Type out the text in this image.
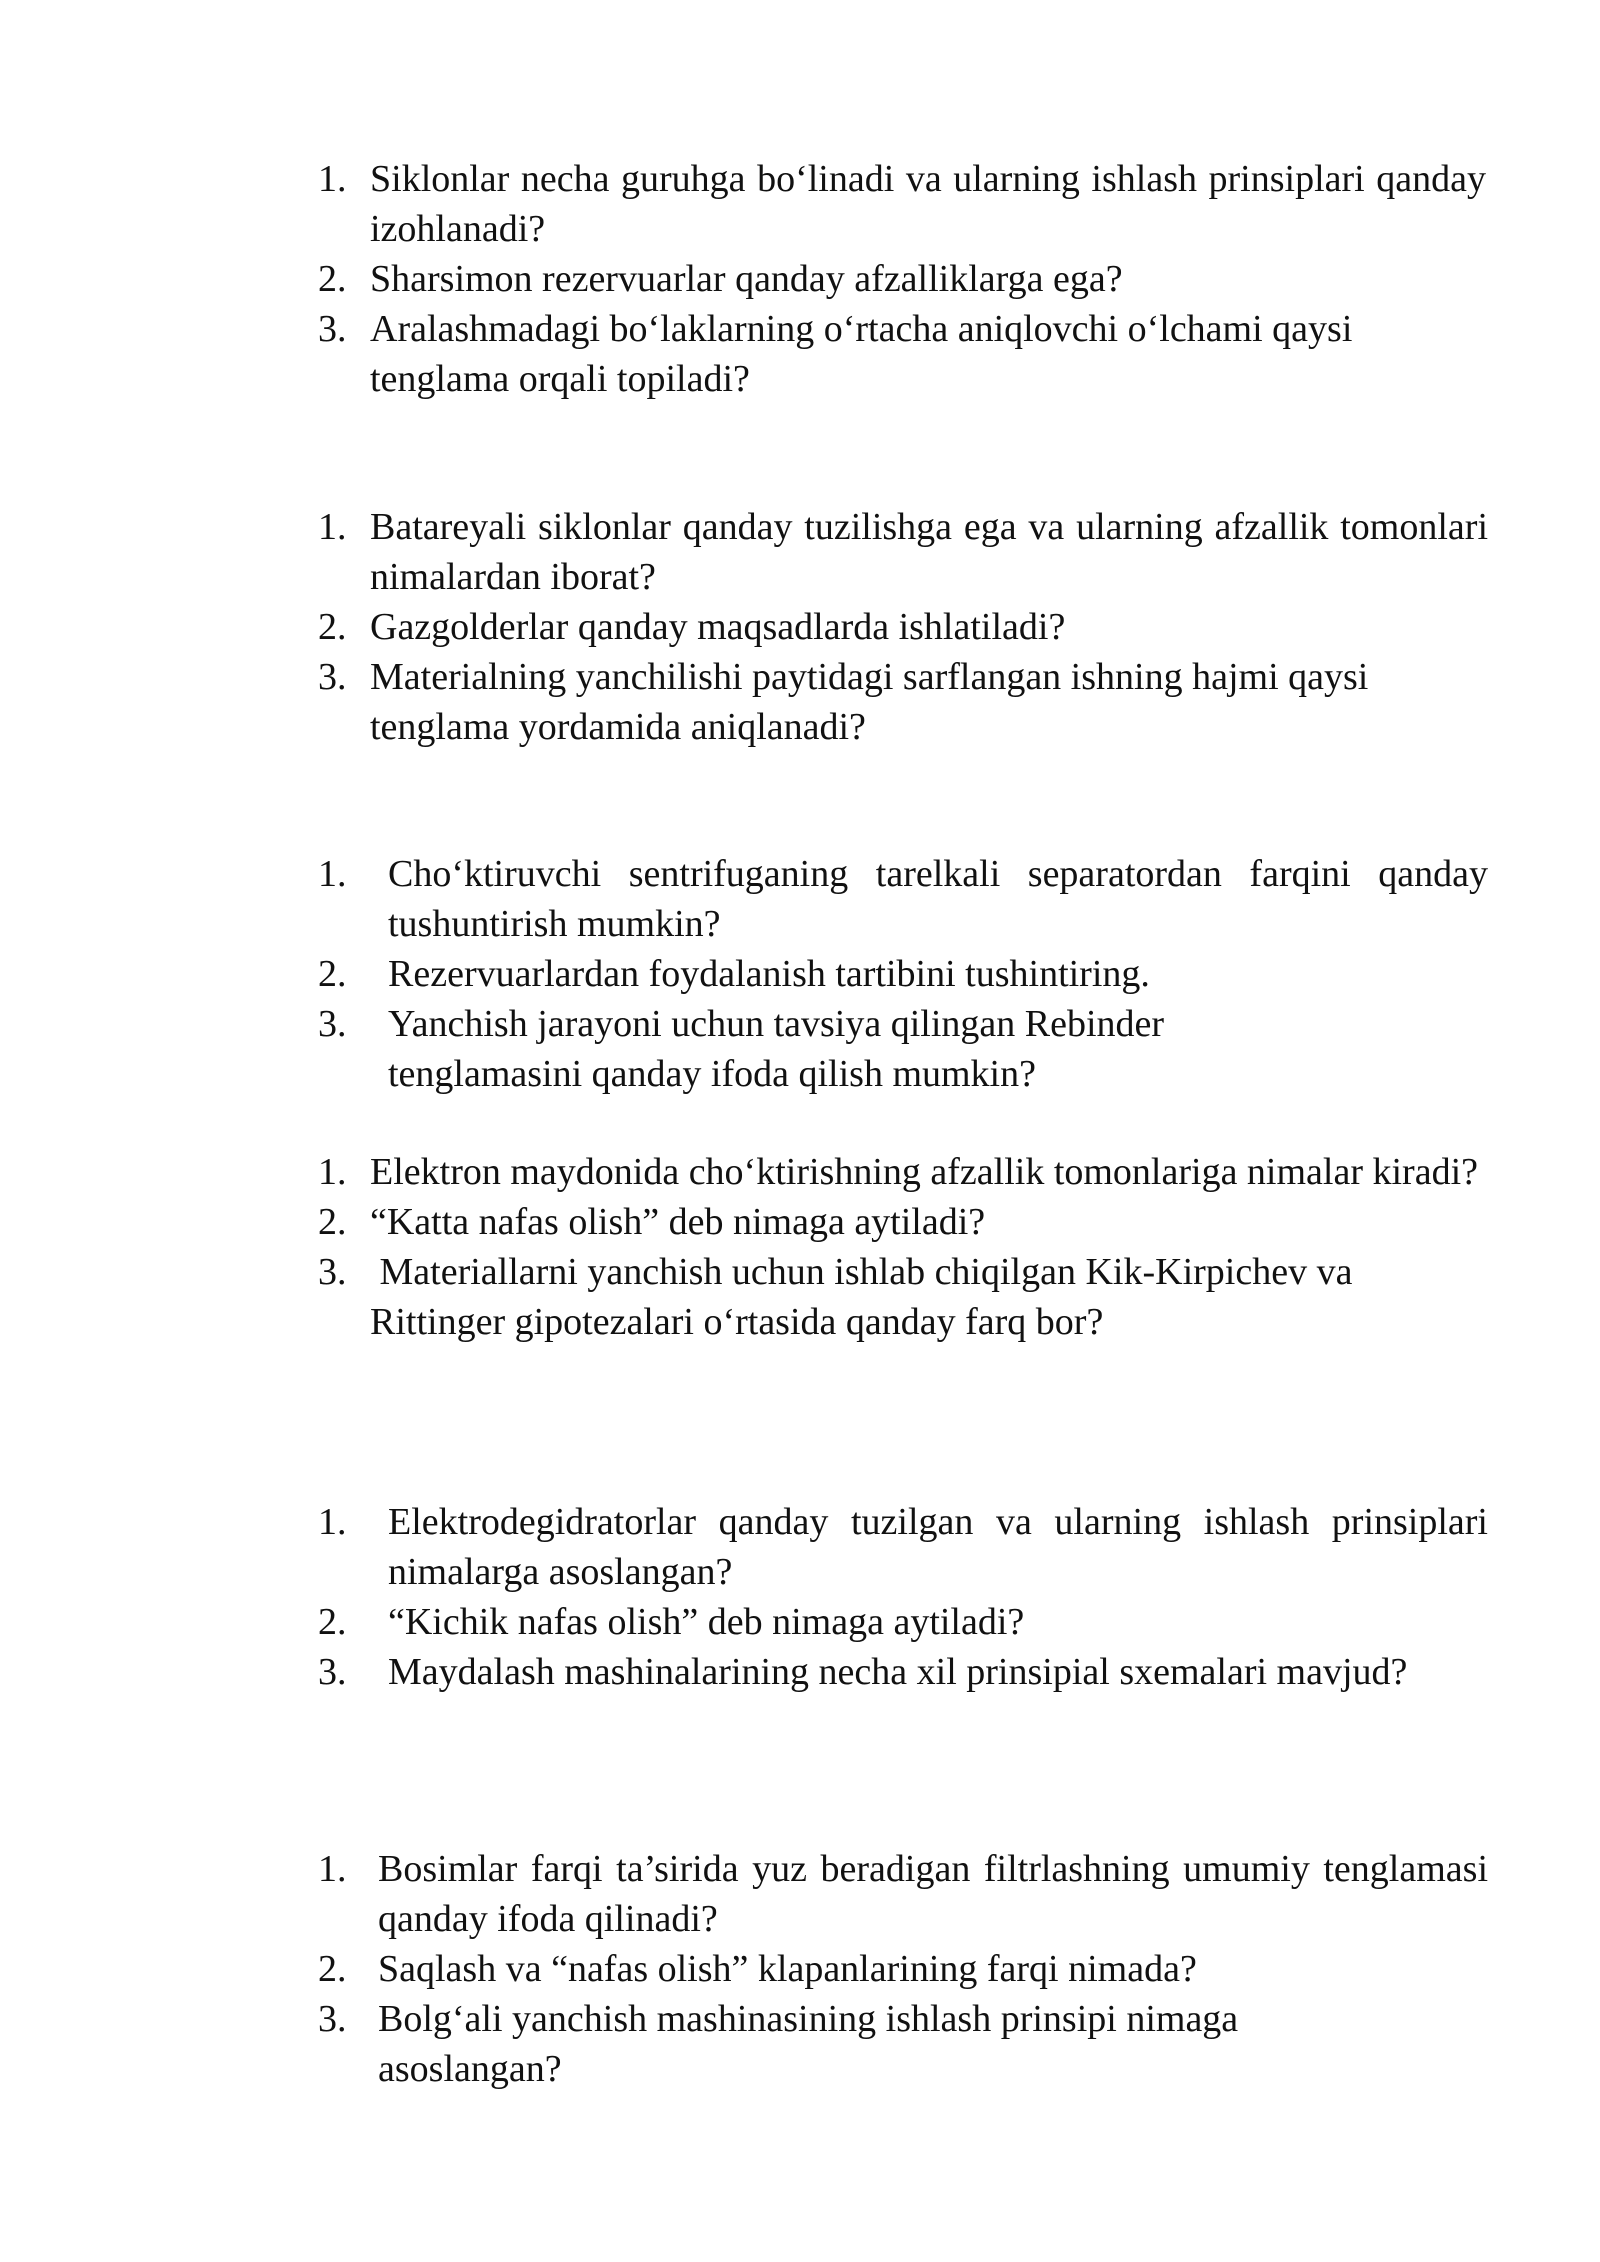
1. Siklonlar necha guruhga bo‘linadi va ularning ishlash prinsiplari qanday izohlanadi?
2. Sharsimon rezervuarlar qanday afzalliklarga ega?
3. Aralashmadagi bo‘laklarning o‘rtacha aniqlovchi o‘lchami qaysi tenglama orqali topiladi?
1. Batareyali siklonlar qanday tuzilishga ega va ularning afzallik tomonlari nimalardan iborat?
2. Gazgolderlar qanday maqsadlarda ishlatiladi?
3. Materialning yanchilishi paytidagi sarflangan ishning hajmi qaysi tenglama yordamida aniqlanadi?
1. Cho‘ktiruvchi sentrifuganing tarelkali separatordan farqini qanday tushuntirish mumkin?
2. Rezervuarlardan foydalanish tartibini tushintiring.
3. Yanchish jarayoni uchun tavsiya qilingan Rebinder tenglamasini qanday ifoda qilish mumkin?
1. Elektron maydonida cho‘ktirishning afzallik tomonlariga nimalar kiradi?
2. “Katta nafas olish” deb nimaga aytiladi?
3. Materiallarni yanchish uchun ishlab chiqilgan Kik-Kirpichev va Rittinger gipotezalari o‘rtasida qanday farq bor?
1. Elektrodegidratorlar qanday tuzilgan va ularning ishlash prinsiplari nimalarga asoslangan?
2. “Kichik nafas olish” deb nimaga aytiladi?
3. Maydalash mashinalarining necha xil prinsipial sxemalari mavjud?
1. Bosimlar farqi ta’sirida yuz beradigan filtrlashning umumiy tenglamasi qanday ifoda qilinadi?
2. Saqlash va “nafas olish” klapanlarining farqi nimada?
3. Bolg‘ali yanchish mashinasining ishlash prinsipi nimaga asoslangan?
